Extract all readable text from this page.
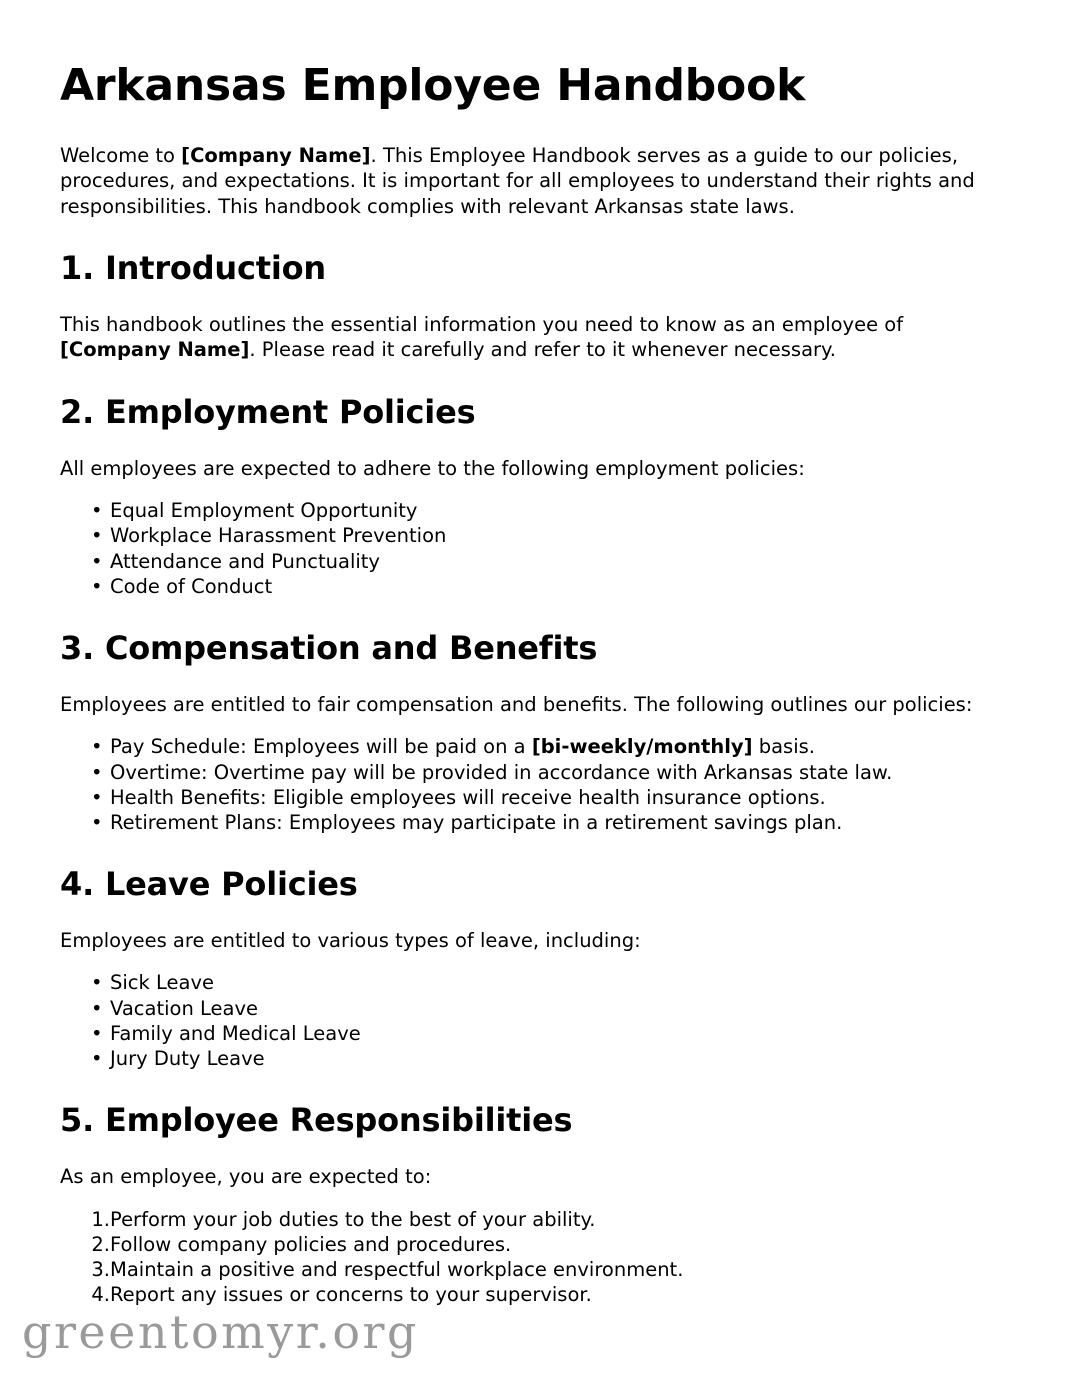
Arkansas Employee Handbook

Welcome to [Company Name]. This Employee Handbook serves as a guide to our policies, procedures, and expectations. It is important for all employees to understand their rights and responsibilities. This handbook complies with relevant Arkansas state laws.

1. Introduction

This handbook outlines the essential information you need to know as an employee of [Company Name]. Please read it carefully and refer to it whenever necessary.

2. Employment Policies

All employees are expected to adhere to the following employment policies:

• Equal Employment Opportunity
• Workplace Harassment Prevention
• Attendance and Punctuality
• Code of Conduct
3. Compensation and Benefits

Employees are entitled to fair compensation and benefits. The following outlines our policies:

• Pay Schedule: Employees will be paid on a [bi-weekly/monthly] basis.
• Overtime: Overtime pay will be provided in accordance with Arkansas state law.
• Health Benefits: Eligible employees will receive health insurance options.
• Retirement Plans: Employees may participate in a retirement savings plan.
4. Leave Policies

Employees are entitled to various types of leave, including:

• Sick Leave
• Vacation Leave
• Family and Medical Leave
• Jury Duty Leave
5. Employee Responsibilities

As an employee, you are expected to:

1. Perform your job duties to the best of your ability.
2. Follow company policies and procedures.
3. Maintain a positive and respectful workplace environment.
4. Report any issues or concerns to your supervisor.
greentomyr.org
